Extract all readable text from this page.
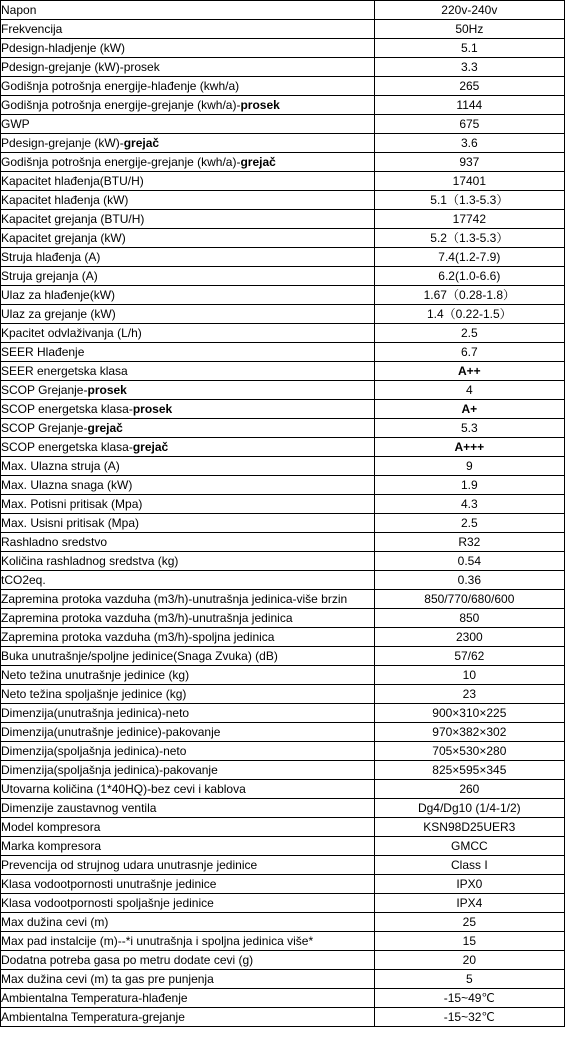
Napon	220v-240v
Frekvencija	50Hz
Pdesign-hladjenje (kW)	5.1
Pdesign-grejanje (kW)-prosek	3.3
Godišnja potrošnja energije-hlađenje (kwh/a)	265
Godišnja potrošnja energije-grejanje (kwh/a)-prosek	1144
GWP	675
Pdesign-grejanje (kW)-grejač	3.6
Godišnja potrošnja energije-grejanje (kwh/a)-grejač	937
Kapacitet hlađenja(BTU/H)	17401
Kapacitet hlađenja (kW)	5.1（1.3-5.3）
Kapacitet grejanja (BTU/H)	17742
Kapacitet grejanja (kW)	5.2（1.3-5.3）
Struja hlađenja (A)	7.4(1.2-7.9)
Struja grejanja (A)	6.2(1.0-6.6)
Ulaz za hlađenje(kW)	1.67（0.28-1.8）
Ulaz za grejanje (kW)	1.4（0.22-1.5）
Kpacitet odvlaživanja (L/h)	2.5
SEER Hlađenje	6.7
SEER energetska klasa	A++
SCOP Grejanje-prosek	4
SCOP energetska klasa-prosek	A+
SCOP Grejanje-grejač	5.3
SCOP energetska klasa-grejač	A+++
Max. Ulazna struja (A)	9
Max. Ulazna snaga (kW)	1.9
Max. Potisni pritisak (Mpa)	4.3
Max. Usisni pritisak (Mpa)	2.5
Rashladno sredstvo	R32
Količina rashladnog sredstva (kg)	0.54
tCO2eq.	0.36
Zapremina protoka vazduha (m3/h)-unutrašnja jedinica-više brzin	850/770/680/600
Zapremina protoka vazduha (m3/h)-unutrašnja jedinica	850
Zapremina protoka vazduha (m3/h)-spoljna jedinica	2300
Buka unutrašnje/spoljne jedinice(Snaga Zvuka) (dB)	57/62
Neto težina unutrašnje jedinice (kg)	10
Neto težina spoljašnje jedinice (kg)	23
Dimenzija(unutrašnja jedinica)-neto	900×310×225
Dimenzija(unutrašnje jedinice)-pakovanje	970×382×302
Dimenzija(spoljašnja jedinica)-neto	705×530×280
Dimenzija(spoljašnja jedinica)-pakovanje	825×595×345
Utovarna količina (1*40HQ)-bez cevi i kablova	260
Dimenzije zaustavnog ventila	Dg4/Dg10 (1/4-1/2)
Model kompresora	KSN98D25UER3
Marka kompresora	GMCC
Prevencija od strujnog udara unutrasnje jedinice	Class I
Klasa vodootpornosti unutrašnje jedinice	IPX0
Klasa vodootpornosti spoljašnje jedinice	IPX4
Max dužina cevi (m)	25
Max pad instalcije (m)--*i unutrašnja i spoljna jedinica više*	15
Dodatna potreba gasa po metru dodate cevi (g)	20
Max dužina cevi (m) ta gas pre punjenja	5
Ambientalna Temperatura-hlađenje	-15~49℃
Ambientalna Temperatura-grejanje	-15~32℃
